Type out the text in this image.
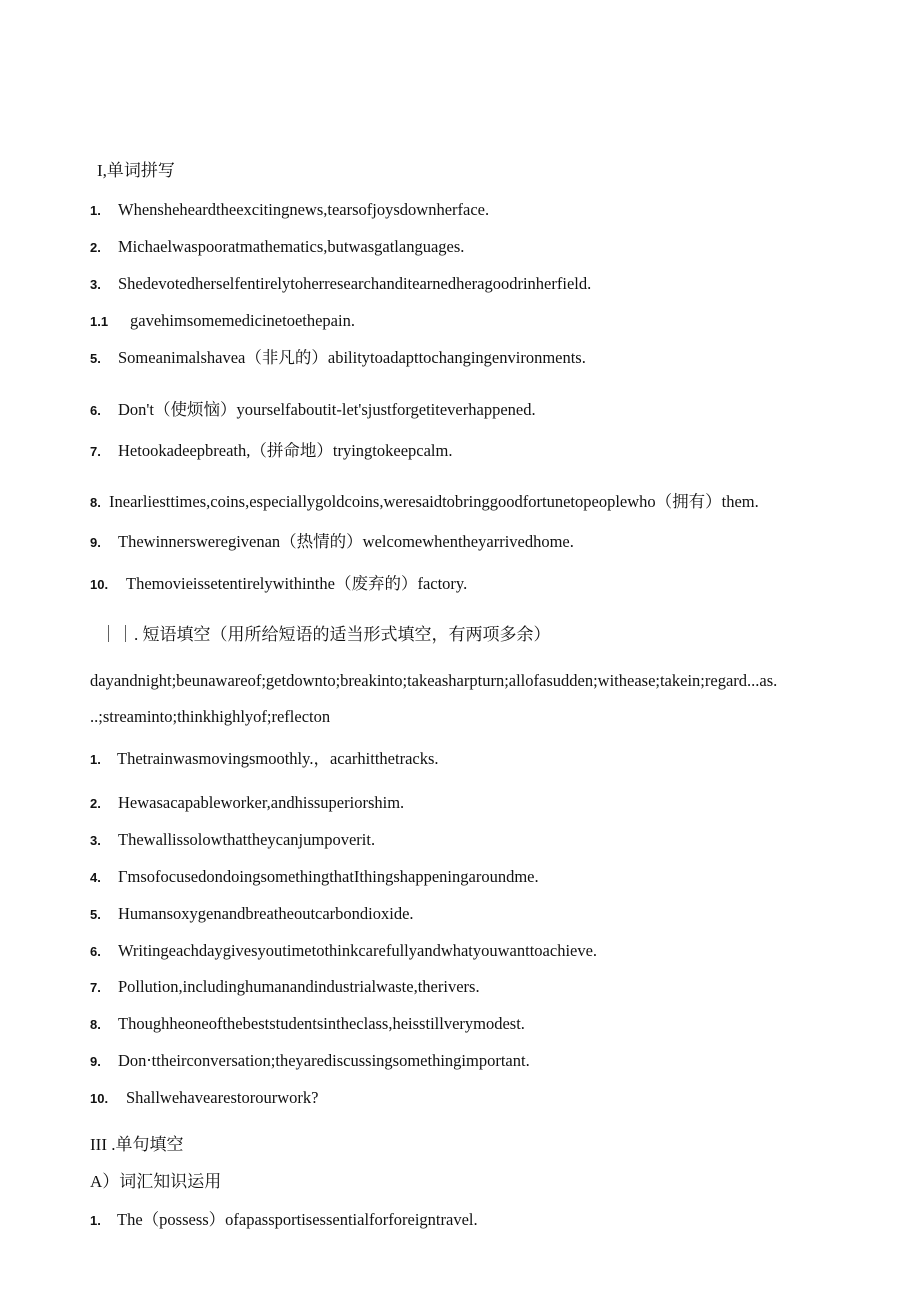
I,单词拼写
1. Whensheheardtheexcitingnews,tearsofjoysdownherface.
2. Michaelwaspooratmathematics,butwasgatlanguages.
3. Shedevotedherselfentirelytoherresearchanditearnedheragoodrinherfield.
1.1 gavehimsomemedicinetoethepain.
5. Someanimalshavea（非凡的）abilitytoadapttochangingenvironments.
6. Don't（使烦恼）yourselfaboutit-let'sjustforgetiteverhappened.
7. Hetookadeepbreath,（拼命地）tryingtokeepcalm.
8. Inearliesttimes,coins,especiallygoldcoins,weresaidtobringgoodfortunetopeoplewho（拥有）them.
9. Thewinnersweregivenan（热情的）welcomewhentheyarrivedhome.
10. Themovieissetentirelywithinthe（废弃的）factory.
｜｜. 短语填空（用所给短语的适当形式填空，有两项多余）
dayandnight;beunawareof;getdownto;breakinto;takeasharpturn;allofasudden;withease;takein;regard...as.
..;streaminto;thinkhighlyof;reflecton
1. Thetrainwasmovingsmoothly.，acarhitthetracks.
2. Hewasacapableworker,andhissuperiorshim.
3. Thewallissolowthattheycanjumpoverit.
4. Γmsofocusedondoingsomethingthat‌Ithingshappeningaroundme.
5. Humansoxygenandbreatheoutcarbondioxide.
6. Writingeachdaygivesyoutimetothinkcarefullyandwhatyouwanttoachieve.
7. Pollution,includinghumanandindustrialwaste,therivers.
8. Thoughheoneofthebeststudentsintheclass,heisstillverymodest.
9. Don‧ttheirconversation;theyarediscussingsomethingimportant.
10. Shallwehavearestorourwork?
III .单句填空
A）词汇知识运用
1. The（possess）ofapassportisessentialforforeigntravel.
